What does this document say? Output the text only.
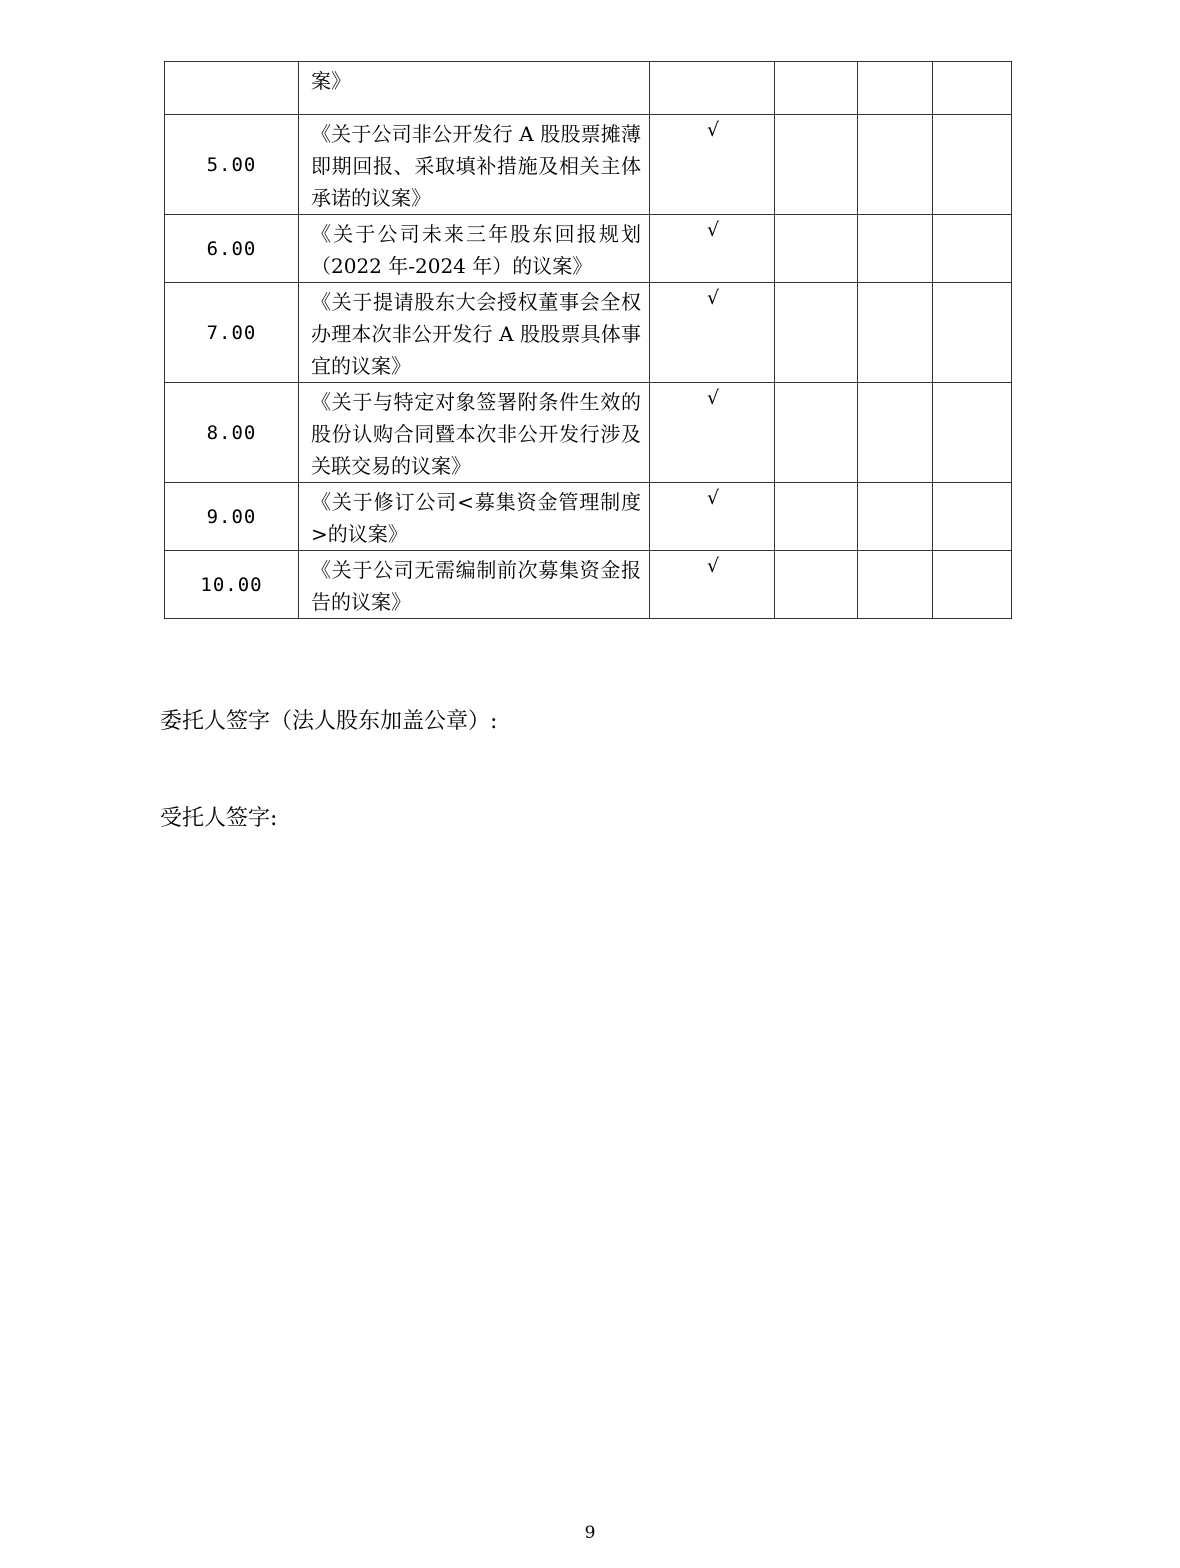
	案》				
5.00	《关于公司非公开发行 A 股股票摊薄即期回报、采取填补措施及相关主体承诺的议案》	√			
6.00	《关于公司未来三年股东回报规划（2022 年-2024 年）的议案》	√			
7.00	《关于提请股东大会授权董事会全权办理本次非公开发行 A 股股票具体事宜的议案》	√			
8.00	《关于与特定对象签署附条件生效的股份认购合同暨本次非公开发行涉及关联交易的议案》	√			
9.00	《关于修订公司<募集资金管理制度>的议案》	√			
10.00	《关于公司无需编制前次募集资金报告的议案》	√			
委托人签字（法人股东加盖公章）:
受托人签字:
9
